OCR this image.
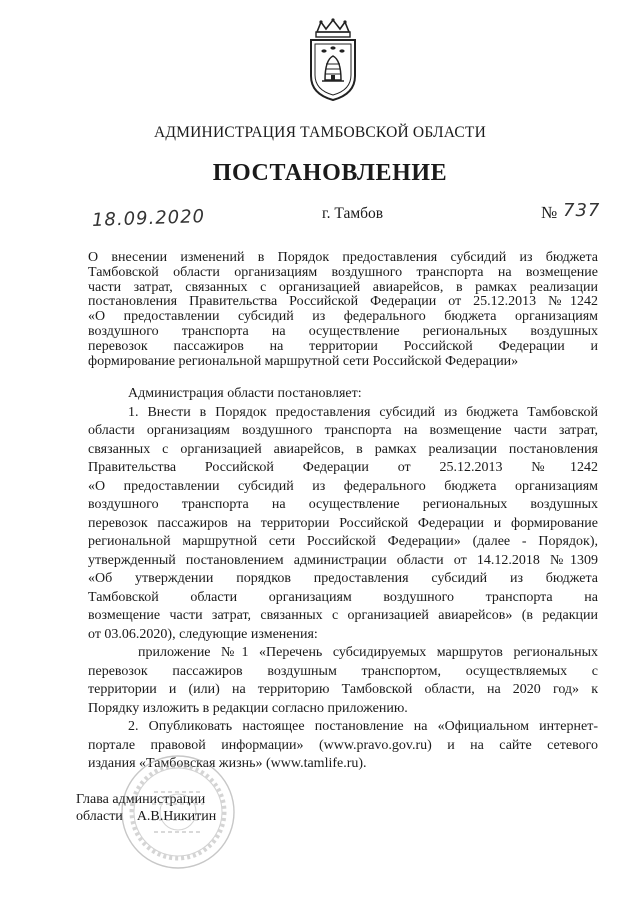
АДМИНИСТРАЦИЯ ТАМБОВСКОЙ ОБЛАСТИ
ПОСТАНОВЛЕНИЕ
18.09.2020	г. Тамбов	№ 737
О внесении изменений в Порядок предоставления субсидий из бюджета
Тамбовской области организациям воздушного транспорта на возмещение
части затрат, связанных с организацией авиарейсов, в рамках реализации
постановления Правительства Российской Федерации от 25.12.2013 №1242
«О предоставлении субсидий из федерального бюджета организациям
воздушного транспорта на осуществление региональных воздушных
перевозок пассажиров на территории Российской Федерации и
формирование региональной маршрутной сети Российской Федерации»
Администрация области постановляет:
1. Внести в Порядок предоставления субсидий из бюджета Тамбовской
области организациям воздушного транспорта на возмещение части затрат,
связанных с организацией авиарейсов, в рамках реализации постановления
Правительства Российской Федерации от 25.12.2013 №1242
«О предоставлении субсидий из федерального бюджета организациям
воздушного транспорта на осуществление региональных воздушных
перевозок пассажиров на территории Российской Федерации и формирование
региональной маршрутной сети Российской Федерации» (далее - Порядок),
утвержденный постановлением администрации области от 14.12.2018 №1309
«Об утверждении порядков предоставления субсидий из бюджета
Тамбовской области организациям воздушного транспорта на
возмещение части затрат, связанных с организацией авиарейсов» (в редакции
от 03.06.2020), следующие изменения:
приложение №1 «Перечень субсидируемых маршрутов региональных
перевозок пассажиров воздушным транспортом, осуществляемых с
территории и (или) на территорию Тамбовской области, на 2020 год» к
Порядку изложить в редакции согласно приложению.
2. Опубликовать настоящее постановление на «Официальном интернет-
портале правовой информации» (www.pravo.gov.ru) и на сайте сетевого
издания «Тамбовская жизнь» (www.tamlife.ru).
Глава администрации
области А.В.Никитин
